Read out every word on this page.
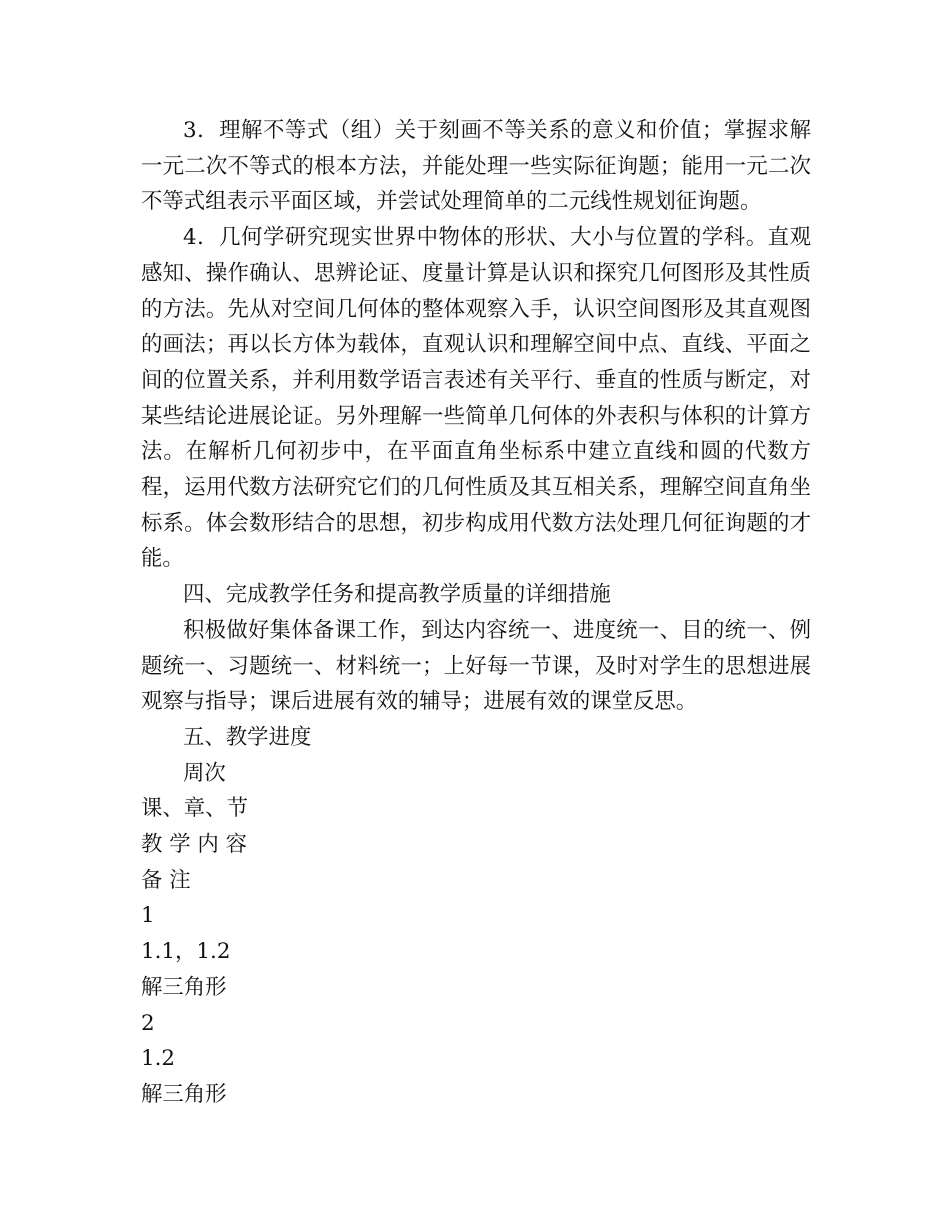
3．理解不等式（组）关于刻画不等关系的意义和价值；掌握求解一元二次不等式的根本方法，并能处理一些实际征询题；能用一元二次不等式组表示平面区域，并尝试处理简单的二元线性规划征询题。

4．几何学研究现实世界中物体的形状、大小与位置的学科。直观感知、操作确认、思辨论证、度量计算是认识和探究几何图形及其性质的方法。先从对空间几何体的整体观察入手，认识空间图形及其直观图的画法；再以长方体为载体，直观认识和理解空间中点、直线、平面之间的位置关系，并利用数学语言表述有关平行、垂直的性质与断定，对某些结论进展论证。另外理解一些简单几何体的外表积与体积的计算方法。在解析几何初步中，在平面直角坐标系中建立直线和圆的代数方程，运用代数方法研究它们的几何性质及其互相关系，理解空间直角坐标系。体会数形结合的思想，初步构成用代数方法处理几何征询题的才能。

四、完成教学任务和提高教学质量的详细措施

积极做好集体备课工作，到达内容统一、进度统一、目的统一、例题统一、习题统一、材料统一；上好每一节课，及时对学生的思想进展观察与指导；课后进展有效的辅导；进展有效的课堂反思。

五、教学进度

周次

课、章、节

教 学 内 容

备 注

1

1.1，1.2

解三角形

2

1.2

解三角形
